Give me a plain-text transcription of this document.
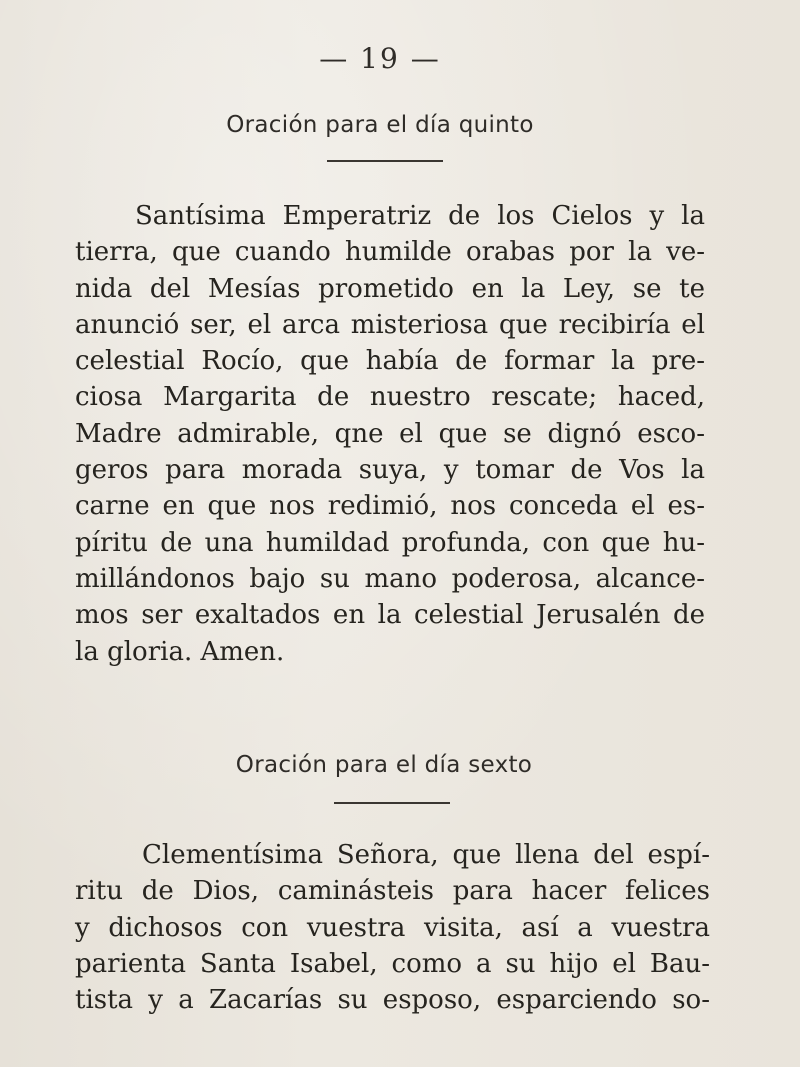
— 19 —
Oración para el día quinto
Santísima Emperatriz de los Cielos y la
tierra, que cuando humilde orabas por la ve-
nida del Mesías prometido en la Ley, se te
anunció ser, el arca misteriosa que recibiría el
celestial Rocío, que había de formar la pre-
ciosa Margarita de nuestro rescate; haced,
Madre admirable, qne el que se dignó esco-
geros para morada suya, y tomar de Vos la
carne en que nos redimió, nos conceda el es-
píritu de una humildad profunda, con que hu-
millándonos bajo su mano poderosa, alcance-
mos ser exaltados en la celestial Jerusalén de
la gloria. Amen.
Oración para el día sexto
Clementísima Señora, que llena del espí-
ritu de Dios, caminásteis para hacer felices
y dichosos con vuestra visita, así a vuestra
parienta Santa Isabel, como a su hijo el Bau-
tista y a Zacarías su esposo, esparciendo so-
